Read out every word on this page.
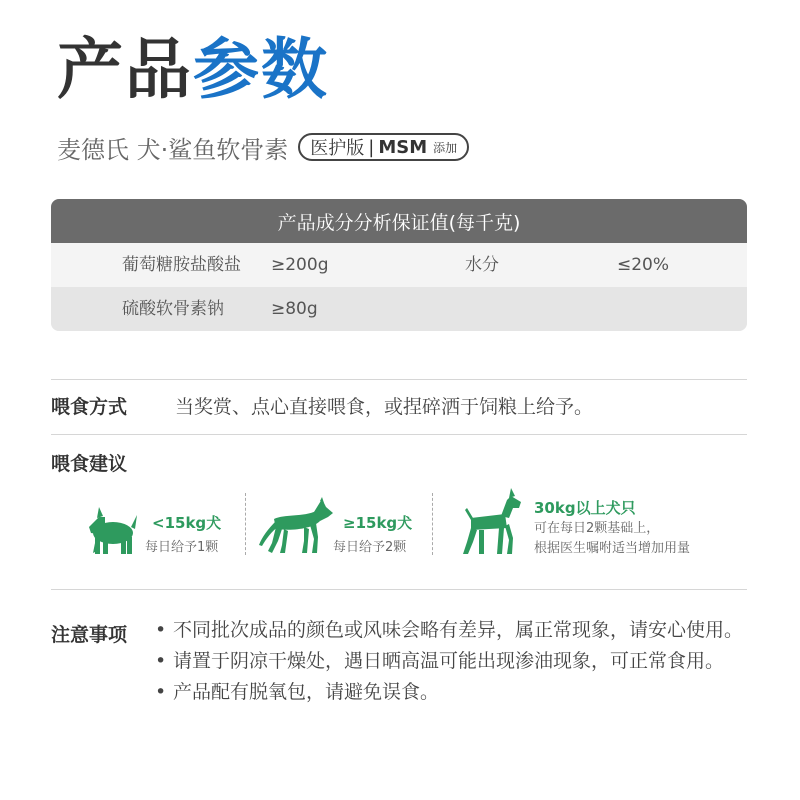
产品参数
麦德氏 犬·鲨鱼软骨素 医护版 | MSM 添加
产品成分分析保证值(每千克)
葡萄糖胺盐酸盐 ≥200g	水分	≤20%
硫酸软骨素钠	≥80g
喂食方式	当奖赏、点心直接喂食，或捏碎洒于饲粮上给予。
喂食建议
<15kg犬
每日给予1颗
≥15kg犬
每日给予2颗
30kg以上犬只
可在每日2颗基础上，
根据医生嘱咐适当增加用量
注意事项 • 不同批次成品的颜色或风味会略有差异，属正常现象，请安心使用。
• 请置于阴凉干燥处，遇日晒高温可能出现渗油现象，可正常食用。
• 产品配有脱氧包，请避免误食。
